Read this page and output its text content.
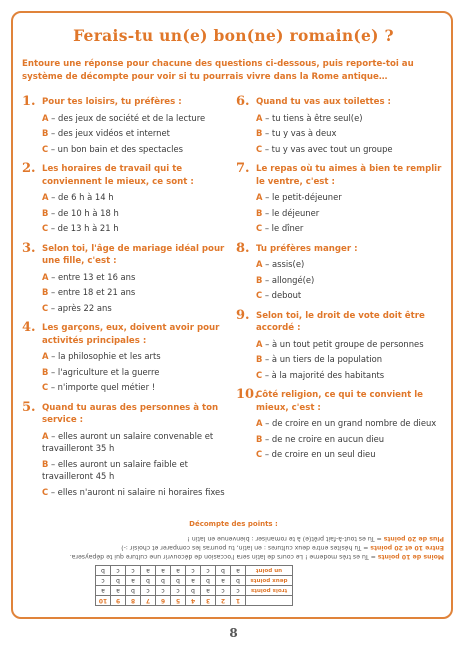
Ferais-tu un(e) bon(ne) romain(e) ?
Entoure une réponse pour chacune des questions ci-dessous, puis reporte-toi au système de décompte pour voir si tu pourrais vivre dans la Rome antique…
1. Pour tes loisirs, tu préfères :
A – des jeux de société et de la lecture
B – des jeux vidéos et internet
C – un bon bain et des spectacles
2. Les horaires de travail qui te conviennent le mieux, ce sont :
A – de 6 h à 14 h
B – de 10 h à 18 h
C – de 13 h à 21 h
3. Selon toi, l'âge de mariage idéal pour une fille, c'est :
A – entre 13 et 16 ans
B – entre 18 et 21 ans
C – après 22 ans
4. Les garçons, eux, doivent avoir pour activités principales :
A – la philosophie et les arts
B – l'agriculture et la guerre
C – n'importe quel métier !
5. Quand tu auras des personnes à ton service :
A – elles auront un salaire convenable et travailleront 35 h
B – elles auront un salaire faible et travailleront 45 h
C – elles n'auront ni salaire ni horaires fixes
6. Quand tu vas aux toilettes :
A – tu tiens à être seul(e)
B – tu y vas à deux
C – tu y vas avec tout un groupe
7. Le repas où tu aimes à bien te remplir le ventre, c'est :
A – le petit-déjeuner
B – le déjeuner
C – le dîner
8. Tu préfères manger :
A – assis(e)
B – allongé(e)
C – debout
9. Selon toi, le droit de vote doit être accordé :
A – à un tout petit groupe de personnes
B – à un tiers de la population
C – à la majorité des habitants
10.
Côté religion, ce qui te convient le mieux, c'est :
A – de croire en un grand nombre de dieux
B – de ne croire en aucun dieu
C – de croire en un seul dieu
Décompte des points :
Moins de 10 points = Tu es très moderne ! Le cours de latin sera l'occasion de découvrir une culture qui te dépaysera.
Entre 10 et 20 points = Tu hésites entre deux cultures : en latin, tu pourras les comparer et choisir :-)
Plus de 20 points = Tu es tout-à-fait prêt(e) à te romaniser : bienvenue en latin !
	1	2	3	4	5	6	7	8	9	10
trois points	c	c	a	b	c	c	c	b	a	a
deux points	b	a	b	a	b	b	b	a	b	c
un point	a	b	c	c	a	a	a	c	c	b
8
